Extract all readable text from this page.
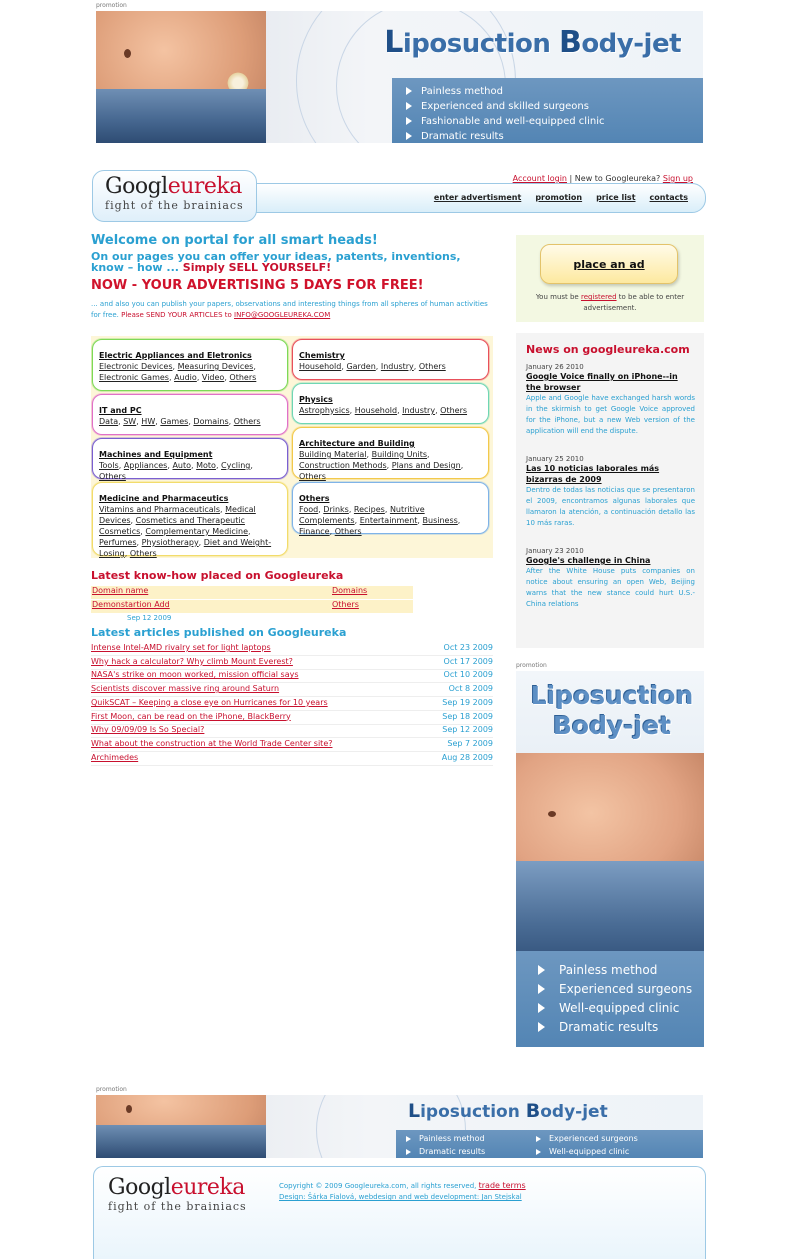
promotion
Liposuction Body-jet
Painless method
Experienced and skilled surgeons
Fashionable and well-equipped clinic
Dramatic results
Googleureka
fight of the brainiacs
Account login | New to Googleureka? Sign up
enter advertisment promotion price list contacts
Welcome on portal for all smart heads!
On our pages you can offer your ideas, patents, inventions, know – how ... Simply SELL YOURSELF!
NOW - YOUR ADVERTISING 5 DAYS FOR FREE!
... and also you can publish your papers, observations and interesting things from all spheres of human activities for free. Please SEND YOUR ARTICLES to INFO@GOOGLEUREKA.COM
Electric Appliances and Eletronics
Electronic Devices, Measuring Devices, Electronic Games, Audio, Video, Others
Chemistry
Household, Garden, Industry, Others
IT and PC
Data, SW, HW, Games, Domains, Others
Physics
Astrophysics, Household, Industry, Others
Machines and Equipment
Tools, Appliances, Auto, Moto, Cycling, Others
Architecture and Building
Building Material, Building Units, Construction Methods, Plans and Design, Others
Medicine and Pharmaceutics
Vitamins and Pharmaceuticals, Medical Devices, Cosmetics and Therapeutic Cosmetics, Complementary Medicine, Perfumes, Physiotherapy, Diet and Weight-Losing, Others
Others
Food, Drinks, Recipes, Nutritive Complements, Entertainment, Business, Finance, Others
Latest know-how placed on Googleureka
Domain name	Domains
Demonstartion Add	Others
Sep 12 2009
Latest articles published on Googleureka
Intense Intel-AMD rivalry set for light laptops	Oct 23 2009
Why hack a calculator? Why climb Mount Everest?	Oct 17 2009
NASA's strike on moon worked, mission official says	Oct 10 2009
Scientists discover massive ring around Saturn	Oct 8 2009
QuikSCAT – Keeping a close eye on Hurricanes for 10 years	Sep 19 2009
First Moon, can be read on the iPhone, BlackBerry	Sep 18 2009
Why 09/09/09 Is So Special?	Sep 12 2009
What about the construction at the World Trade Center site?	Sep 7 2009
Archimedes	Aug 28 2009
place an ad
You must be registered to be able to enter advertisement.
News on googleureka.com
January 26 2010
Google Voice finally on iPhone--in the browser
Apple and Google have exchanged harsh words in the skirmish to get Google Voice approved for the iPhone, but a new Web version of the application will end the dispute.
January 25 2010
Las 10 noticias laborales más bizarras de 2009
Dentro de todas las noticias que se presentaron el 2009, encontramos algunas laborales que llamaron la atención, a continuación detallo las 10 más raras.
January 23 2010
Google's challenge in China
After the White House puts companies on notice about ensuring an open Web, Beijing warns that the new stance could hurt U.S.-China relations
promotion
Liposuction
Body-jet
Painless method
Experienced surgeons
Well-equipped clinic
Dramatic results
promotion
Liposuction Body-jet
Painless method	Experienced surgeons
Dramatic results	Well-equipped clinic
Googleureka
fight of the brainiacs
Copyright © 2009 Googleureka.com, all rights reserved, trade terms
Design: Šárka Fialová, webdesign and web development: Jan Stejskal
